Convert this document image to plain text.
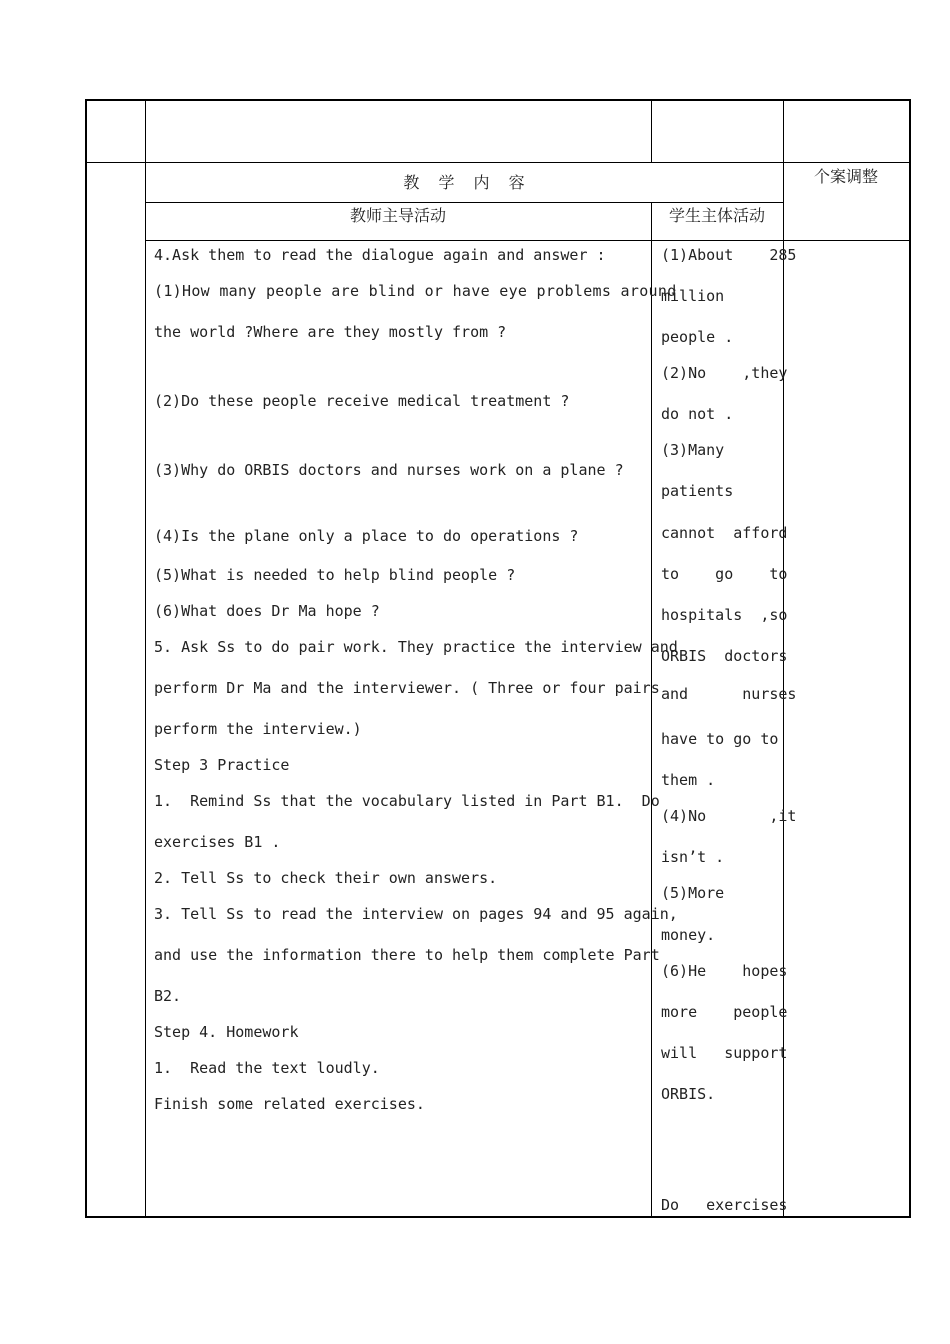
教 学 内 容	个案调整
教师主导活动	学生主体活动
4.Ask them to read the dialogue again and answer :
(1)How many people are blind or have eye problems around
the world ?Where are they mostly from ?
(2)Do these people receive medical treatment ?
(3)Why do ORBIS doctors and nurses work on a plane ?
(4)Is the plane only a place to do operations ?
(5)What is needed to help blind people ?
(6)What does Dr Ma hope ?
5. Ask Ss to do pair work. They practice the interview and
perform Dr Ma and the interviewer. ( Three or four pairs
perform the interview.)
Step 3 Practice
1.  Remind Ss that the vocabulary listed in Part B1.  Do
exercises B1 .
2. Tell Ss to check their own answers.
3. Tell Ss to read the interview on pages 94 and 95 again,
and use the information there to help them complete Part
B2.
Step 4. Homework
1.  Read the text loudly.
Finish some related exercises.
(1)About    285
million
people .
(2)No    ,they
do not .
(3)Many
patients
cannot  afford
to    go    to
hospitals  ,so
ORBIS  doctors
and      nurses
have to go to
them .
(4)No       ,it
isn’t .
(5)More
money.
(6)He    hopes
more    people
will   support
ORBIS.
Do   exercises
